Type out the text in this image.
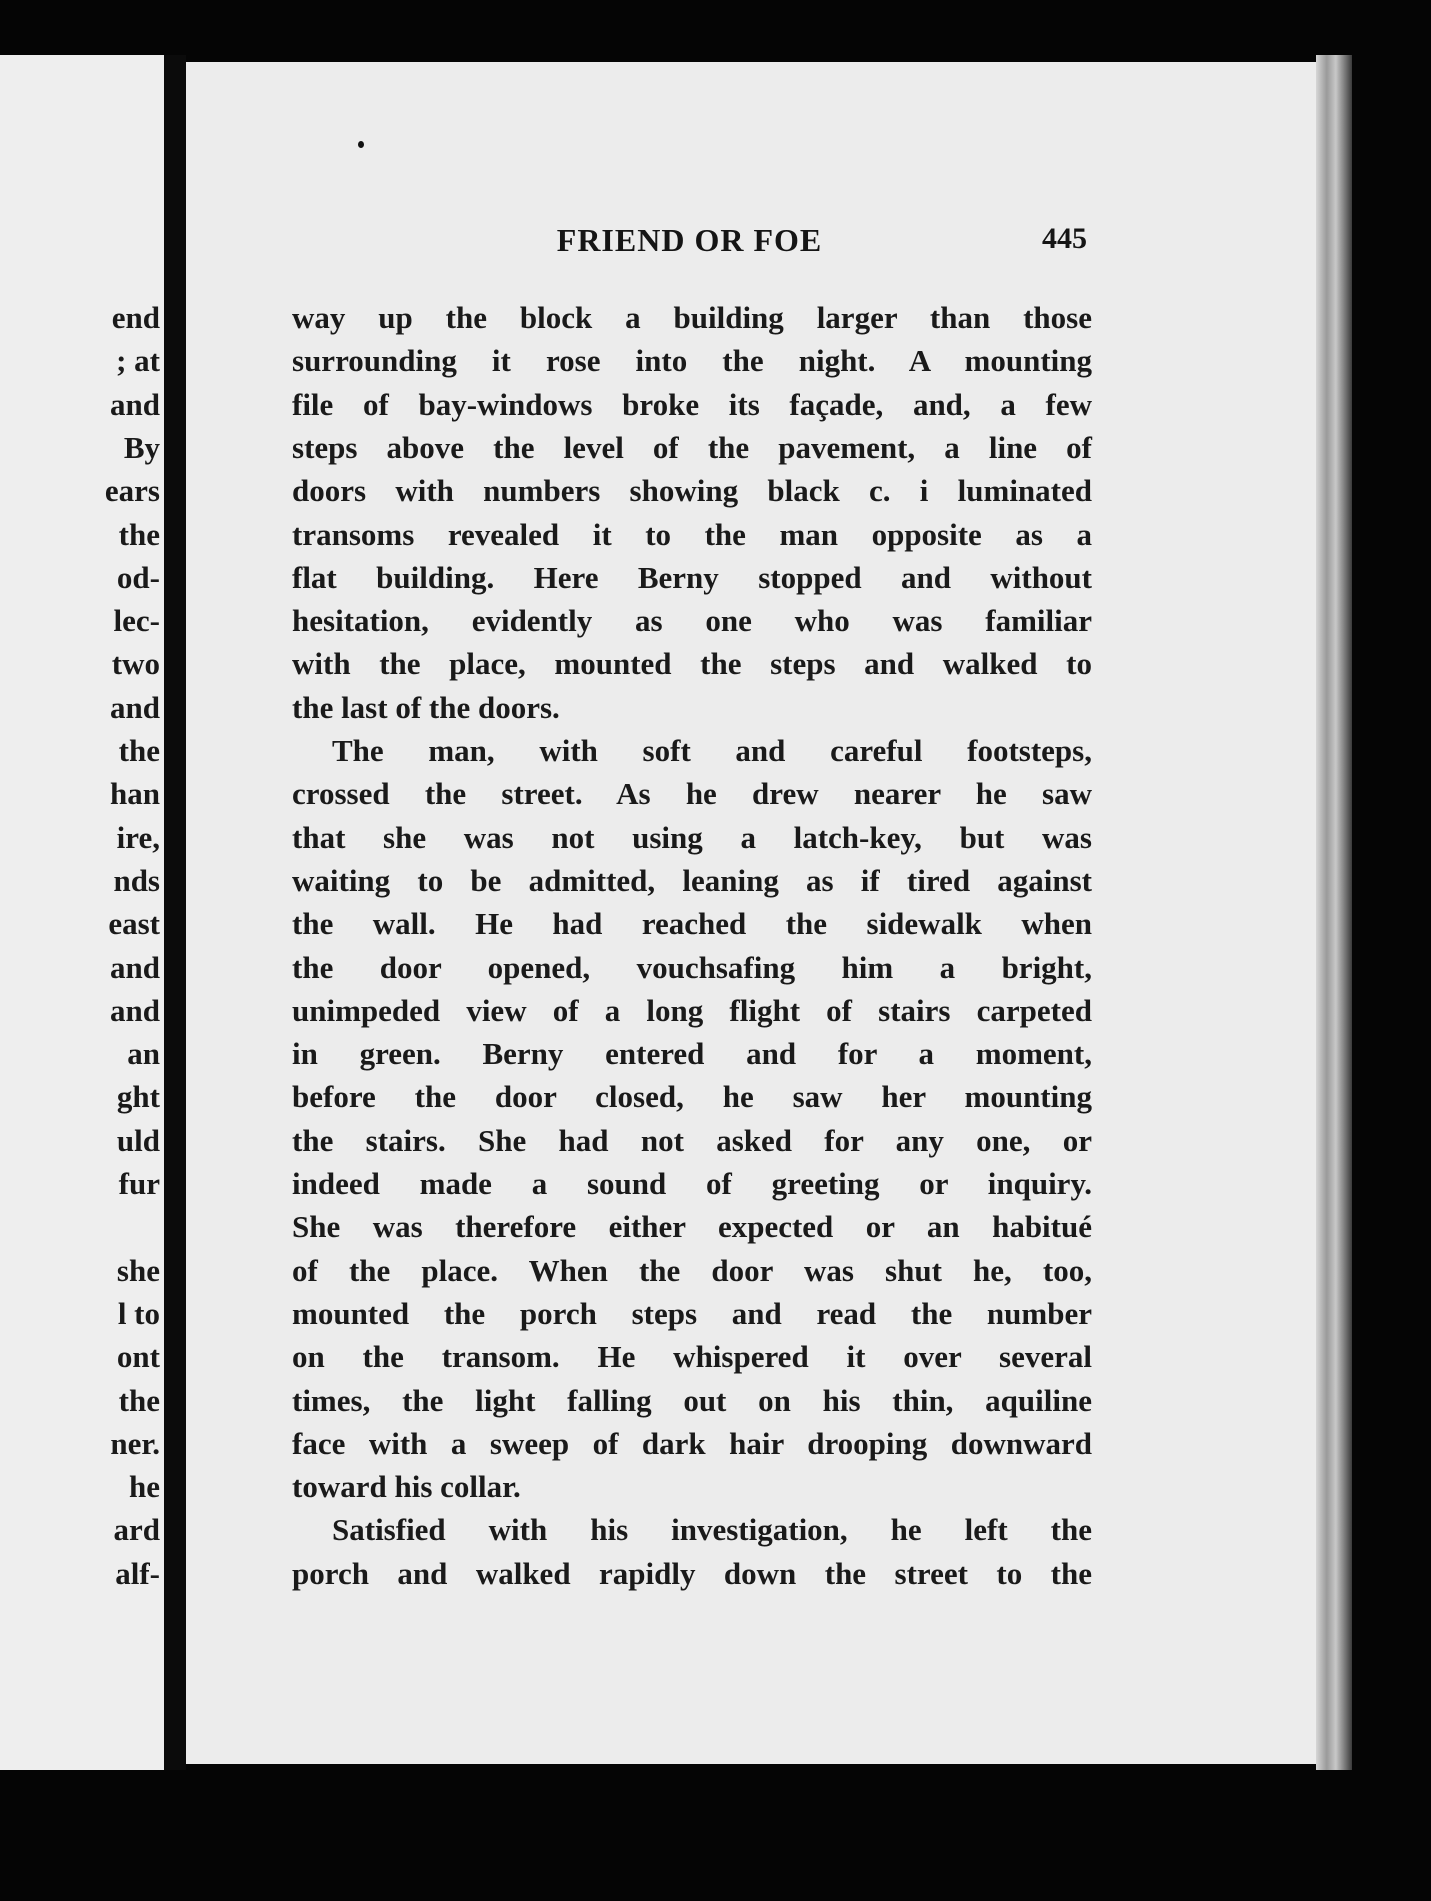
end
; at
and
By
ears
the
od-
lec-
two
and
the
han
ire,
nds
east
and
and
an
ght
uld
fur
she
l to
ont
the
ner.
he
ard
alf-
FRIEND OR FOE	445
way up the block a building larger than those
surrounding it rose into the night. A mounting
file of bay-windows broke its façade, and, a few
steps above the level of the pavement, a line of
doors with numbers showing black c. i luminated
transoms revealed it to the man opposite as a
flat building. Here Berny stopped and without
hesitation, evidently as one who was familiar
with the place, mounted the steps and walked to
the last of the doors.
The man, with soft and careful footsteps,
crossed the street. As he drew nearer he saw
that she was not using a latch-key, but was
waiting to be admitted, leaning as if tired against
the wall. He had reached the sidewalk when
the door opened, vouchsafing him a bright,
unimpeded view of a long flight of stairs carpeted
in green. Berny entered and for a moment,
before the door closed, he saw her mounting
the stairs. She had not asked for any one, or
indeed made a sound of greeting or inquiry.
She was therefore either expected or an habitué
of the place. When the door was shut he, too,
mounted the porch steps and read the number
on the transom. He whispered it over several
times, the light falling out on his thin, aquiline
face with a sweep of dark hair drooping downward
toward his collar.
Satisfied with his investigation, he left the
porch and walked rapidly down the street to the
